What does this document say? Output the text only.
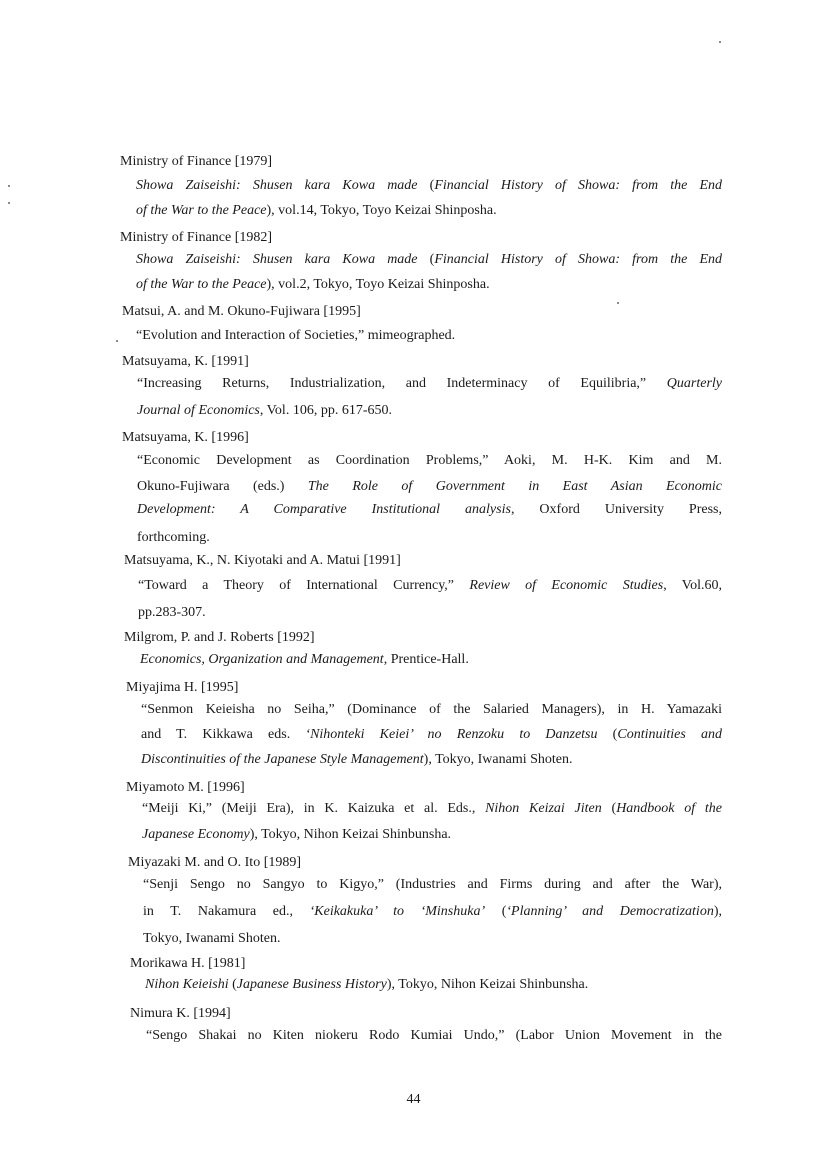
Ministry of Finance [1979]
Showa Zaiseishi: Shusen kara Kowa made (Financial History of Showa: from the End
of the War to the Peace), vol.14, Tokyo, Toyo Keizai Shinposha.
Ministry of Finance [1982]
Showa Zaiseishi: Shusen kara Kowa made (Financial History of Showa: from the End
of the War to the Peace), vol.2, Tokyo, Toyo Keizai Shinposha.
Matsui, A. and M. Okuno-Fujiwara [1995]
“Evolution and Interaction of Societies,” mimeographed.
Matsuyama, K. [1991]
“Increasing Returns, Industrialization, and Indeterminacy of Equilibria,” Quarterly
Journal of Economics, Vol. 106, pp. 617-650.
Matsuyama, K. [1996]
“Economic Development as Coordination Problems,” Aoki, M. H-K. Kim and M.
Okuno-Fujiwara (eds.) The Role of Government in East Asian Economic
Development: A Comparative Institutional analysis, Oxford University Press,
forthcoming.
Matsuyama, K., N. Kiyotaki and A. Matui [1991]
“Toward a Theory of International Currency,” Review of Economic Studies, Vol.60,
pp.283-307.
Milgrom, P. and J. Roberts [1992]
Economics, Organization and Management, Prentice-Hall.
Miyajima H. [1995]
“Senmon Keieisha no Seiha,” (Dominance of the Salaried Managers), in H. Yamazaki
and T. Kikkawa eds. ‘Nihonteki Keiei’ no Renzoku to Danzetsu (Continuities and
Discontinuities of the Japanese Style Management), Tokyo, Iwanami Shoten.
Miyamoto M. [1996]
“Meiji Ki,” (Meiji Era), in K. Kaizuka et al. Eds., Nihon Keizai Jiten (Handbook of the
Japanese Economy), Tokyo, Nihon Keizai Shinbunsha.
Miyazaki M. and O. Ito [1989]
“Senji Sengo no Sangyo to Kigyo,” (Industries and Firms during and after the War),
in T. Nakamura ed., ‘Keikakuka’ to ‘Minshuka’ (‘Planning’ and Democratization),
Tokyo, Iwanami Shoten.
Morikawa H. [1981]
Nihon Keieishi (Japanese Business History), Tokyo, Nihon Keizai Shinbunsha.
Nimura K. [1994]
“Sengo Shakai no Kiten niokeru Rodo Kumiai Undo,” (Labor Union Movement in the
44
